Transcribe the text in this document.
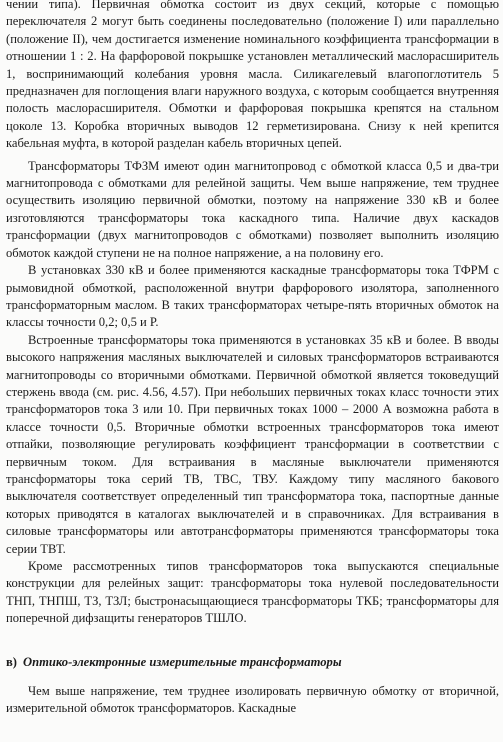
чении типа). Первичная обмотка состоит из двух секций, которые с помощью переключателя 2 могут быть соединены последовательно (положение I) или параллельно (положение II), чем достигается изменение номинального коэффициента трансформации в отношении 1 : 2. На фарфоровой покрышке установлен металлический маслорасширитель 1, воспринимающий колебания уровня масла. Силикагелевый влагопоглотитель 5 предназначен для поглощения влаги наружного воздуха, с которым сообщается внутренняя полость маслорасширителя. Обмотки и фарфоровая покрышка крепятся на стальном цоколе 13. Коробка вторичных выводов 12 герметизирована. Снизу к ней крепится кабельная муфта, в которой разделан кабель вторичных цепей.

Трансформаторы ТФЗМ имеют один магнитопровод с обмоткой класса 0,5 и два-три магнитопровода с обмотками для релейной защиты. Чем выше напряжение, тем труднее осуществить изоляцию первичной обмотки, поэтому на напряжение 330 кВ и более изготовляются трансформаторы тока каскадного типа. Наличие двух каскадов трансформации (двух магнитопроводов с обмотками) позволяет выполнить изоляцию обмоток каждой ступени не на полное напряжение, а на половину его.

В установках 330 кВ и более применяются каскадные трансформаторы тока ТФРМ с рымовидной обмоткой, расположенной внутри фарфорового изолятора, заполненного трансформаторным маслом. В таких трансформаторах четыре-пять вторичных обмоток на классы точности 0,2; 0,5 и Р.

Встроенные трансформаторы тока применяются в установках 35 кВ и более. В вводы высокого напряжения масляных выключателей и силовых трансформаторов встраиваются магнитопроводы со вторичными обмотками. Первичной обмоткой является токоведущий стержень ввода (см. рис. 4.56, 4.57). При небольших первичных токах класс точности этих трансформаторов тока 3 или 10. При первичных токах 1000 – 2000 А возможна работа в классе точности 0,5. Вторичные обмотки встроенных трансформаторов тока имеют отпайки, позволяющие регулировать коэффициент трансформации в соответствии с первичным током. Для встраивания в масляные выключатели применяются трансформаторы тока серий ТВ, ТВС, ТВУ. Каждому типу масляного бакового выключателя соответствует определенный тип трансформатора тока, паспортные данные которых приводятся в каталогах выключателей и в справочниках. Для встраивания в силовые трансформаторы или автотрансформаторы применяются трансформаторы тока серии ТВТ.

Кроме рассмотренных типов трансформаторов тока выпускаются специальные конструкции для релейных защит: трансформаторы тока нулевой последовательности ТНП, ТНПШ, ТЗ, ТЗЛ; быстронасыщающиеся трансформаторы ТКБ; трансформаторы для поперечной дифзащиты генераторов ТШЛО.

в) Оптико-электронные измерительные трансформаторы

Чем выше напряжение, тем труднее изолировать первичную обмотку от вторичной, измерительной обмоток трансформаторов. Каскадные
